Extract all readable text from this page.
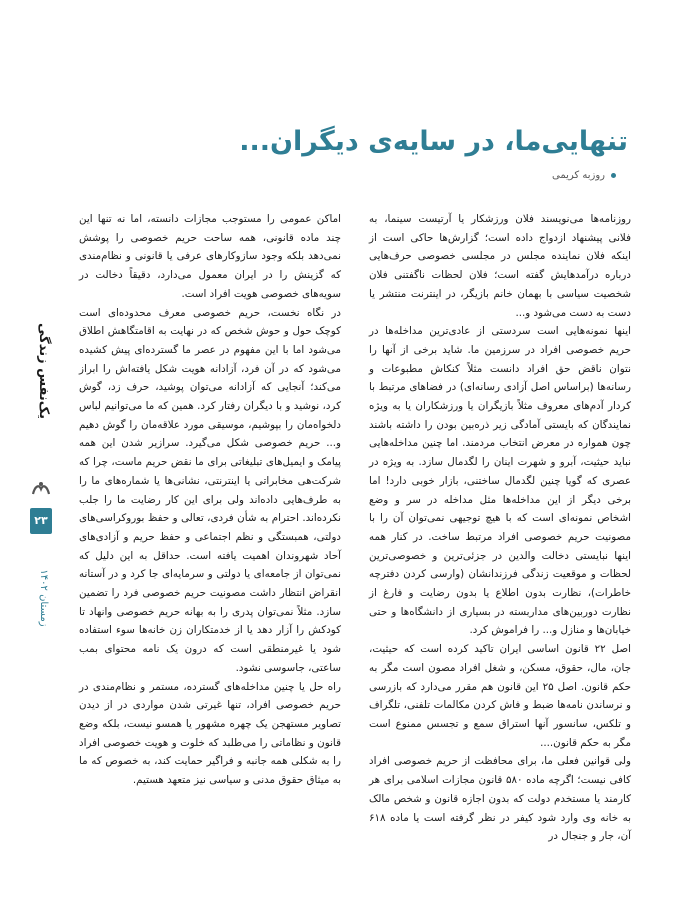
یک‌نفس زندگی
۲۳
زمستان ۱۴۰۲
تنهایی‌ما، در سایه‌ی دیگران...
روزبه کریمی

روزنامه‌ها می‌نویسند فلان ورزشکار یا آرتیست سینما، به فلانی پیشنهاد ازدواج داده است؛ گزارش‌ها حاکی است از اینکه فلان نماینده مجلس در مجلسی خصوصی حرف‌هایی درباره درآمدهایش گفته است؛ فلان لحظات ناگفتنی فلان شخصیت سیاسی با بهمان خانم بازیگر، در اینترنت منتشر یا دست به دست می‌شود و...

اینها نمونه‌هایی است سردستی از عادی‌ترین مداخله‌ها در حریم خصوصی افراد در سرزمین ما. شاید برخی از آنها را نتوان ناقض حق افراد دانست مثلاً کنکاش مطبوعات و رسانه‌ها (براساس اصل آزادی رسانه‌ای) در فضاهای مرتبط با کردار آدم‌های معروف مثلاً بازیگران یا ورزشکاران یا به ویژه نمایندگان که بایستی آمادگی زیر ذره‌بین بودن را داشته باشند چون همواره در معرض انتخاب مردمند. اما چنین مداخله‌هایی نباید حیثیت، آبرو و شهرت اینان را لگدمال سازد. به ویژه در عصری که گویا چنین لگدمال ساختنی، بازار خوبی دارد! اما برخی دیگر از این مداخله‌ها مثل مداخله در سر و وضع اشخاص نمونه‌ای است که با هیچ توجیهی نمی‌توان آن را با مصونیت حریم خصوصی افراد مرتبط ساخت. در کنار همه اینها نبایستی دخالت والدین در جزئی‌ترین و خصوصی‌ترین لحظات و موقعیت زندگی فرزندانشان (وارسی کردن دفترچه خاطرات)، نظارت بدون اطلاع یا بدون رضایت و فارغ از نظارت دوربین‌های مداربسته در بسیاری از دانشگاه‌ها و حتی خیابان‌ها و منازل و... را فراموش کرد.

اصل ۲۲ قانون اساسی ایران تاکید کرده است که حیثیت، جان، مال، حقوق، مسکن، و شغل افراد مصون است مگر به حکم قانون. اصل ۲۵ این قانون هم مقرر می‌دارد که بازرسی و نرساندن نامه‌ها ضبط و فاش کردن مکالمات تلفنی، تلگراف و تلکس، سانسور آنها استراق سمع و تجسس ممنوع است مگر به حکم قانون....

ولی قوانین فعلی ما، برای محافظت از حریم خصوصی افراد کافی نیست؛ اگرچه ماده ۵۸۰ قانون مجازات اسلامی برای هر کارمند یا مستخدم دولت که بدون اجازه قانون و شخص مالک به خانه وی وارد شود کیفر در نظر گرفته است یا ماده ۶۱۸ آن، جار و جنجال در

اماکن عمومی را مستوجب مجازات دانسته، اما نه تنها این چند ماده قانونی، همه ساحت حریم خصوصی را پوشش نمی‌دهد بلکه وجود سازوکارهای عرفی یا قانونی و نظام‌مندی که گزینش را در ایران معمول می‌دارد، دقیقاً دخالت در سویه‌های خصوصی هویت افراد است.

در نگاه نخست، حریم خصوصی معرف محدوده‌ای است کوچک حول و حوش شخص که در نهایت به اقامتگاهش اطلاق می‌شود اما با این مفهوم در عصر ما گسترده‌ای پیش کشیده می‌شود که در آن فرد، آزادانه هویت شکل یافته‌اش را ابراز می‌کند؛ آنجایی که آزادانه می‌توان پوشید، حرف زد، گوش کرد، نوشید و با دیگران رفتار کرد. همین که ما می‌توانیم لباس دلخواه‌مان را بپوشیم، موسیقی مورد علاقه‌مان را گوش دهیم و... حریم خصوصی شکل می‌گیرد. سرازیر شدن این همه پیامک و ایمیل‌های تبلیغاتی برای ما نقض حریم ماست، چرا که شرکت‌هی مخابراتی یا اینترنتی، نشانی‌ها یا شماره‌های ما را به طرف‌هایی داده‌اند ولی برای این کار رضایت ما را جلب نکرده‌اند. احترام به شأن فردی، تعالی و حفظ بوروکراسی‌های دولتی، همبستگی و نظم اجتماعی و حفظ حریم و آزادی‌های آحاد شهروندان اهمیت یافته است. حداقل به این دلیل که نمی‌توان از جامعه‌ای یا دولتی و سرمایه‌ای جا کرد و در آستانه انقراض انتظار داشت مصونیت حریم خصوصی فرد را تضمین سازد. مثلاً نمی‌توان پدری را به بهانه حریم خصوصی وانهاد تا کودکش را آزار دهد یا از خدمتکاران زن خانه‌ها سوء استفاده شود یا غیرمنطقی است که درون یک نامه محتوای بمب ساعتی، جاسوسی نشود.

راه حل یا چنین مداخله‌های گسترده، مستمر و نظام‌مندی در حریم خصوصی افراد، تنها غیرتی شدن مواردی در از دیدن تصاویر مستهجن یک چهره مشهور یا همسو نیست، بلکه وضع قانون و نظاماتی را می‌طلبد که خلوت و هویت خصوصی افراد را به شکلی همه جانبه و فراگیر حمایت کند، به خصوص که ما به میثاق حقوق مدنی و سیاسی نیز متعهد هستیم.
